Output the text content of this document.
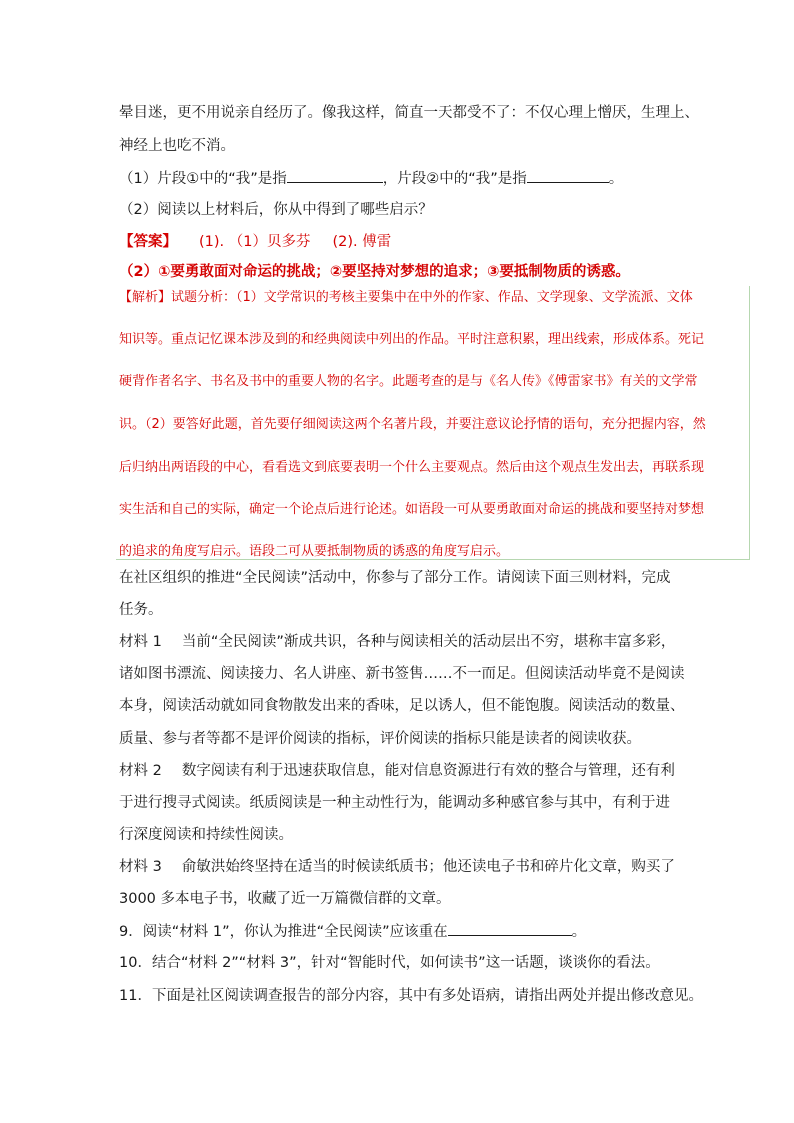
晕目迷，更不用说亲自经历了。像我这样，简直一天都受不了：不仅心理上憎厌，生理上、
神经上也吃不消。
（1）片段①中的“我”是指	，片段②中的“我”是指	。
（2）阅读以上材料后，你从中得到了哪些启示？
【答案】 (1). （1）贝多芬 (2). 傅雷
（2）①要勇敢面对命运的挑战；②要坚持对梦想的追求；③要抵制物质的诱惑。
【解析】试题分析：（1）文学常识的考核主要集中在中外的作家、作品、文学现象、文学流派、文体
知识等。重点记忆课本涉及到的和经典阅读中列出的作品。平时注意积累，理出线索，形成体系。死记
硬背作者名字、书名及书中的重要人物的名字。此题考查的是与《名人传》《傅雷家书》有关的文学常
识。（2）要答好此题，首先要仔细阅读这两个名著片段，并要注意议论抒情的语句，充分把握内容，然
后归纳出两语段的中心，看看选文到底要表明一个什么主要观点。然后由这个观点生发出去，再联系现
实生活和自己的实际，确定一个论点后进行论述。如语段一可从要勇敢面对命运的挑战和要坚持对梦想
的追求的角度写启示。语段二可从要抵制物质的诱惑的角度写启示。
在社区组织的推进“全民阅读”活动中，你参与了部分工作。请阅读下面三则材料，完成
任务。
材料 1 当前“全民阅读”渐成共识，各种与阅读相关的活动层出不穷，堪称丰富多彩，
诸如图书漂流、阅读接力、名人讲座、新书签售……不一而足。但阅读活动毕竟不是阅读
本身，阅读活动就如同食物散发出来的香味，足以诱人，但不能饱腹。阅读活动的数量、
质量、参与者等都不是评价阅读的指标，评价阅读的指标只能是读者的阅读收获。
材料 2 数字阅读有利于迅速获取信息，能对信息资源进行有效的整合与管理，还有利
于进行搜寻式阅读。纸质阅读是一种主动性行为，能调动多种感官参与其中，有利于进
行深度阅读和持续性阅读。
材料 3 俞敏洪始终坚持在适当的时候读纸质书；他还读电子书和碎片化文章，购买了
3000 多本电子书，收藏了近一万篇微信群的文章。
9．阅读“材料 1”，你认为推进“全民阅读”应该重在	。
10．结合“材料 2”“材料 3”，针对“智能时代，如何读书”这一话题，谈谈你的看法。
11．下面是社区阅读调查报告的部分内容，其中有多处语病，请指出两处并提出修改意见。
